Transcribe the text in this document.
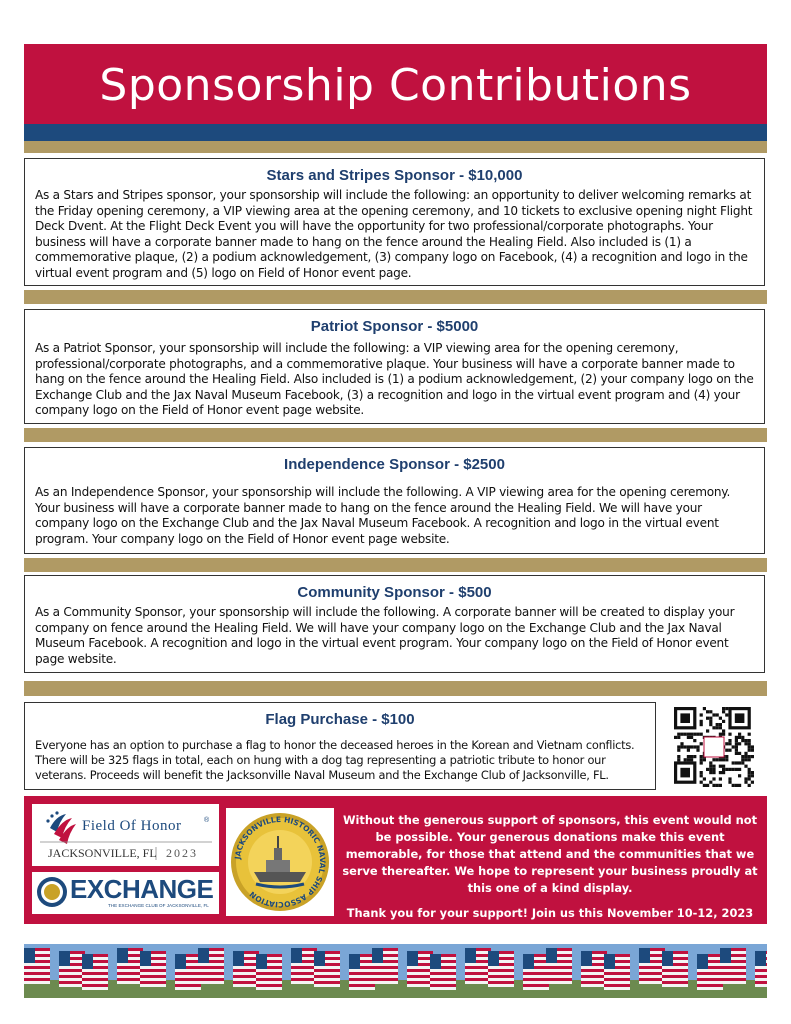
Sponsorship Contributions
Stars and Stripes Sponsor - $10,000

As a Stars and Stripes sponsor, your sponsorship will include the following: an opportunity to deliver welcoming remarks at the Friday opening ceremony, a VIP viewing area at the opening ceremony, and 10 tickets to exclusive opening night Flight Deck Dvent. At the Flight Deck Event you will have the opportunity for two professional/corporate photographs. Your business will have a corporate banner made to hang on the fence around the Healing Field. Also included is (1) a commemorative plaque, (2) a podium acknowledgement, (3) company logo on Facebook, (4) a recognition and logo in the virtual event program and (5) logo on Field of Honor event page.

Patriot Sponsor - $5000

As a Patriot Sponsor, your sponsorship will include the following: a VIP viewing area for the opening ceremony, professional/corporate photographs, and a commemorative plaque. Your business will have a corporate banner made to hang on the fence around the Healing Field. Also included is (1) a podium acknowledgement, (2) your company logo on the Exchange Club and the Jax Naval Museum Facebook, (3) a recognition and logo in the virtual event program and (4) your company logo on the Field of Honor event page website.

Independence Sponsor - $2500

As an Independence Sponsor, your sponsorship will include the following. A VIP viewing area for the opening ceremony. Your business will have a corporate banner made to hang on the fence around the Healing Field. We will have your company logo on the Exchange Club and the Jax Naval Museum Facebook. A recognition and logo in the virtual event program. Your company logo on the Field of Honor event page website.

Community Sponsor - $500

As a Community Sponsor, your sponsorship will include the following. A corporate banner will be created to display your company on fence around the Healing Field. We will have your company logo on the Exchange Club and the Jax Naval Museum Facebook. A recognition and logo in the virtual event program. Your company logo on the Field of Honor event page website.

Flag Purchase - $100

Everyone has an option to purchase a flag to honor the deceased heroes in the Korean and Vietnam conflicts. There will be 325 flags in total, each on hung with a dog tag representing a patriotic tribute to honor our veterans. Proceeds will benefit the Jacksonville Naval Museum and the Exchange Club of Jacksonville, FL.

Field Of Honor	®
JACKSONVILLE, FL 2023
EXCHANGE
THE EXCHANGE CLUB OF JACKSONVILLE, FL
JACKSONVILLE HISTORIC NAVAL SHIP ASSOCIATION
Without the generous support of sponsors, this event would not be possible. Your generous donations make this event memorable, for those that attend and the communities that we serve thereafter. We hope to represent your business proudly at this one of a kind display.
Thank you for your support! Join us this November 10-12, 2023
